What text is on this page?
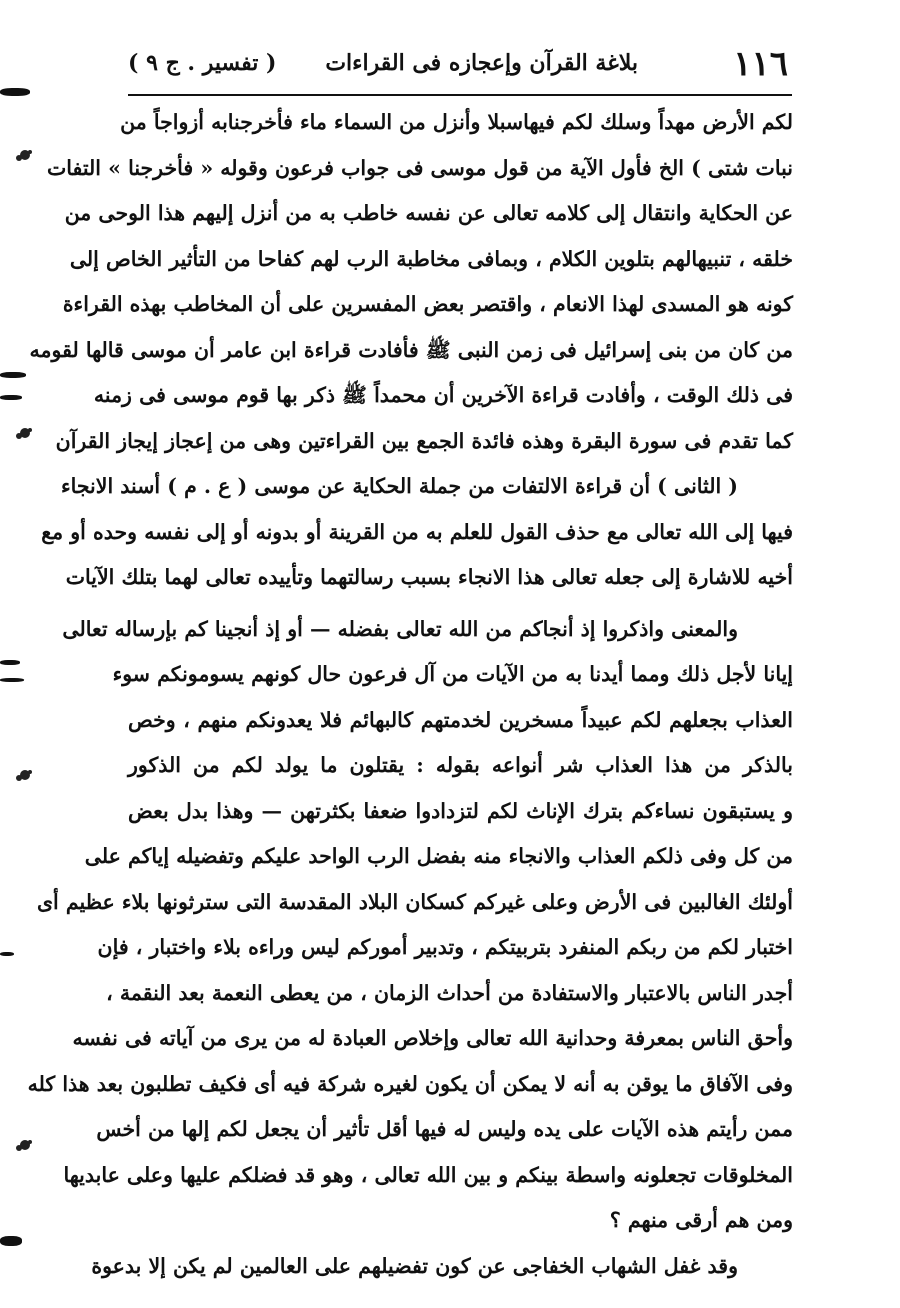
١١٦
بلاغة القرآن وإعجازه فى القراءات
( تفسير . ج ٩ )
لكم الأرض مهداً وسلك لكم فيهاسبلا وأنزل من السماء ماء فأخرجنابه أزواجاً من
نبات شتى ) الخ فأول الآية من قول موسى فى جواب فرعون وقوله « فأخرجنا » التفات
عن الحكاية وانتقال إلى كلامه تعالى عن نفسه خاطب به من أنزل إليهم هذا الوحى من
خلقه ، تنبيهالهم بتلوين الكلام ، وبمافى مخاطبة الرب لهم كفاحا من التأثير الخاص إلى
كونه هو المسدى لهذا الانعام ، واقتصر بعض المفسرين على أن المخاطب بهذه القراءة
من كان من بنى إسرائيل فى زمن النبى ﷺ فأفادت قراءة ابن عامر أن موسى قالها لقومه
فى ذلك الوقت ، وأفادت قراءة الآخرين أن محمداً ﷺ ذكر بها قوم موسى فى زمنه
كما تقدم فى سورة البقرة وهذه فائدة الجمع بين القراءتين وهى من إعجاز إيجاز القرآن
( الثانى ) أن قراءة الالتفات من جملة الحكاية عن موسى ( ع . م ) أسند الانجاء
فيها إلى الله تعالى مع حذف القول للعلم به من القرينة أو بدونه أو إلى نفسه وحده أو مع
أخيه للاشارة إلى جعله تعالى هذا الانجاء بسبب رسالتهما وتأييده تعالى لهما بتلك الآيات
والمعنى واذكروا إذ أنجاكم من الله تعالى بفضله — أو إذ أنجينا كم بإرساله تعالى
إيانا لأجل ذلك ومما أيدنا به من الآيات من آل فرعون حال كونهم يسومونكم سوء
العذاب بجعلهم لكم عبيداً مسخرين لخدمتهم كالبهائم فلا يعدونكم منهم ، وخص
بالذكر من هذا العذاب شر أنواعه بقوله : يقتلون ما يولد لكم من الذكور
و يستبقون نساءكم بترك الإناث لكم لتزدادوا ضعفا بكثرتهن — وهذا بدل بعض
من كل وفى ذلكم العذاب والانجاء منه بفضل الرب الواحد عليكم وتفضيله إياكم على
أولئك الغالبين فى الأرض وعلى غيركم كسكان البلاد المقدسة التى سترثونها بلاء عظيم أى
اختبار لكم من ربكم المنفرد بتربيتكم ، وتدبير أموركم ليس وراءه بلاء واختبار ، فإن
أجدر الناس بالاعتبار والاستفادة من أحداث الزمان ، من يعطى النعمة بعد النقمة ،
وأحق الناس بمعرفة وحدانية الله تعالى وإخلاص العبادة له من يرى من آياته فى نفسه
وفى الآفاق ما يوقن به أنه لا يمكن أن يكون لغيره شركة فيه أى فكيف تطلبون بعد هذا كله
ممن رأيتم هذه الآيات على يده وليس له فيها أقل تأثير أن يجعل لكم إلها من أخس
المخلوقات تجعلونه واسطة بينكم و بين الله تعالى ، وهو قد فضلكم عليها وعلى عابديها
ومن هم أرقى منهم ؟
وقد غفل الشهاب الخفاجى عن كون تفضيلهم على العالمين لم يكن إلا بدعوة
